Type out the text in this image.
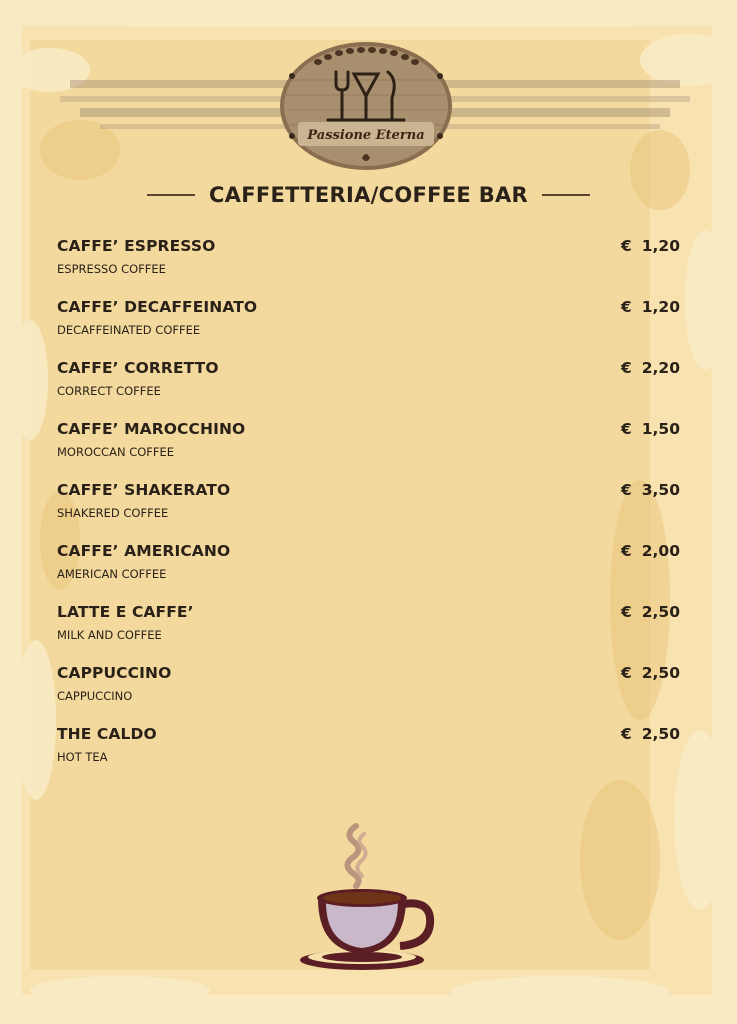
Passione Eterna
CAFFETTERIA/COFFEE BAR
CAFFE’ ESPRESSO
ESPRESSO COFFEE
€ 1,20
CAFFE’ DECAFFEINATO
DECAFFEINATED COFFEE
€ 1,20
CAFFE’ CORRETTO
CORRECT COFFEE
€ 2,20
CAFFE’ MAROCCHINO
MOROCCAN COFFEE
€ 1,50
CAFFE’ SHAKERATO
SHAKERED COFFEE
€ 3,50
CAFFE’ AMERICANO
AMERICAN COFFEE
€ 2,00
LATTE E CAFFE’
MILK AND COFFEE
€ 2,50
CAPPUCCINO
CAPPUCCINO
€ 2,50
THE CALDO
HOT TEA
€ 2,50
